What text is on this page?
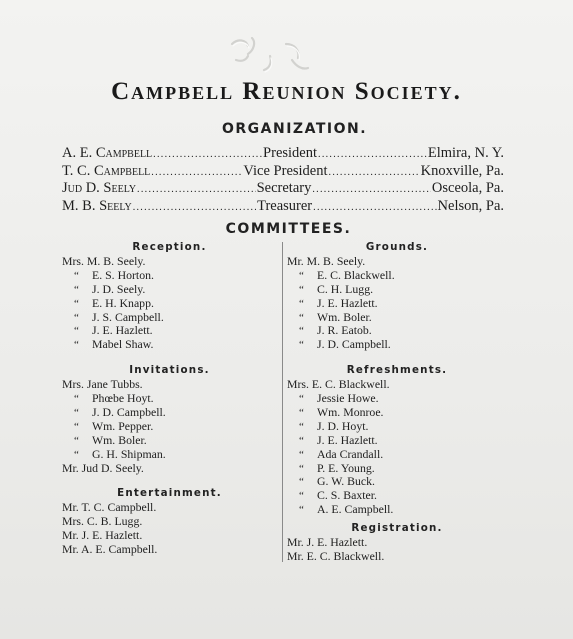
Campbell Reunion Society.
ORGANIZATION.
A. E. Campbell . . .	President . . .	Elmira, N. Y.
T. C. Campbell . . .	Vice President . . .	Knoxville, Pa.
Jud D. Seely . . .	Secretary . . .	Osceola, Pa.
M. B. Seely . . .	Treasurer . . .	Nelson, Pa.
COMMITTEES.
Reception.
Mrs. M. B. Seely.
“ E. S. Horton.
“ J. D. Seely.
“ E. H. Knapp.
“ J. S. Campbell.
“ J. E. Hazlett.
“ Mabel Shaw.
Invitations.
Mrs. Jane Tubbs.
“ Phœbe Hoyt.
“ J. D. Campbell.
“ Wm. Pepper.
“ Wm. Boler.
“ G. H. Shipman.
Mr. Jud D. Seely.
Entertainment.
Mr. T. C. Campbell.
Mrs. C. B. Lugg.
Mr. J. E. Hazlett.
Mr. A. E. Campbell.
Grounds.
Mr. M. B. Seely.
“ E. C. Blackwell.
“ C. H. Lugg.
“ J. E. Hazlett.
“ Wm. Boler.
“ J. R. Eatob.
“ J. D. Campbell.
Refreshments.
Mrs. E. C. Blackwell.
“ Jessie Howe.
“ Wm. Monroe.
“ J. D. Hoyt.
“ J. E. Hazlett.
“ Ada Crandall.
“ P. E. Young.
“ G. W. Buck.
“ C. S. Baxter.
“ A. E. Campbell.
Registration.
Mr. J. E. Hazlett.
Mr. E. C. Blackwell.
